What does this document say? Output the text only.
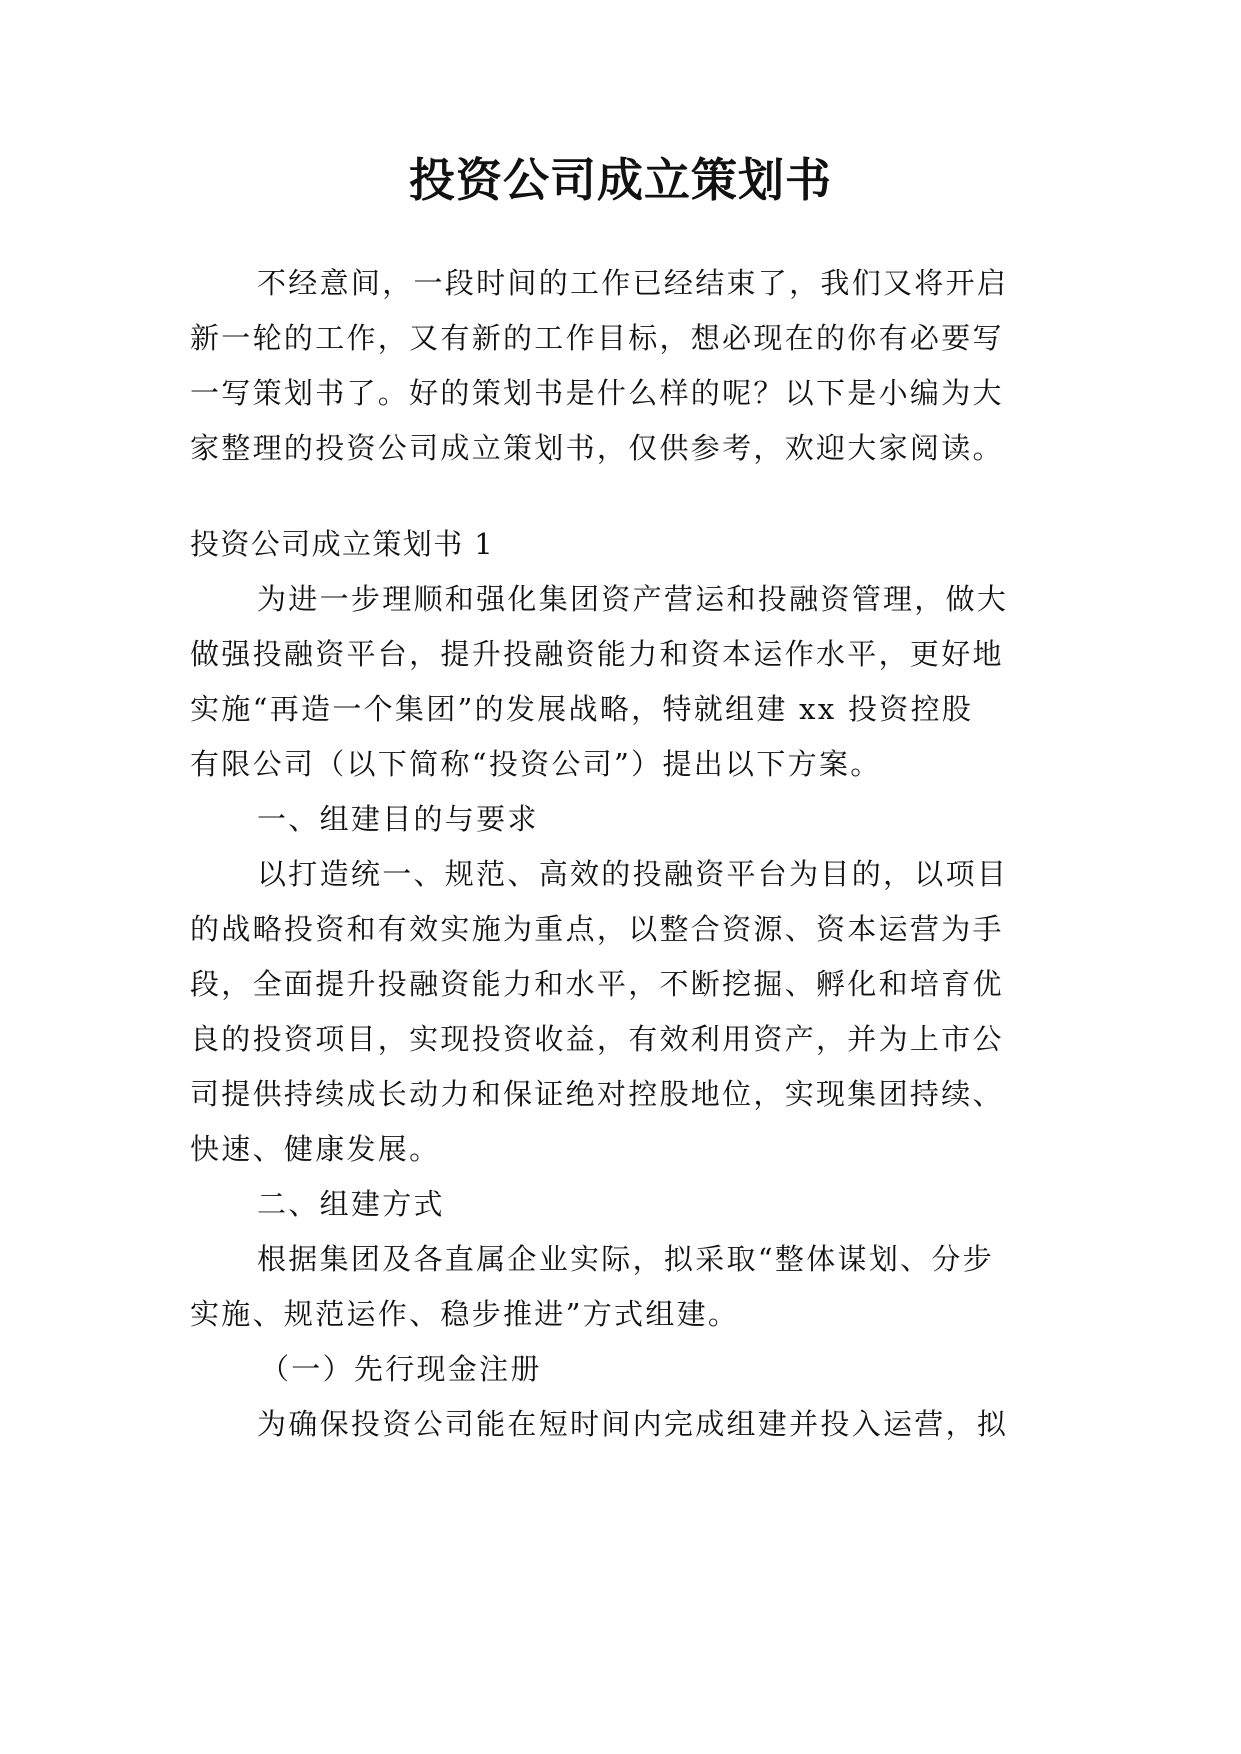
投资公司成立策划书
不经意间，一段时间的工作已经结束了，我们又将开启
新一轮的工作，又有新的工作目标，想必现在的你有必要写
一写策划书了。好的策划书是什么样的呢？以下是小编为大
家整理的投资公司成立策划书，仅供参考，欢迎大家阅读。
投资公司成立策划书 1
为进一步理顺和强化集团资产营运和投融资管理，做大
做强投融资平台，提升投融资能力和资本运作水平，更好地
实施“再造一个集团”的发展战略，特就组建 xx 投资控股
有限公司（以下简称“投资公司”）提出以下方案。
一、组建目的与要求
以打造统一、规范、高效的投融资平台为目的，以项目
的战略投资和有效实施为重点，以整合资源、资本运营为手
段，全面提升投融资能力和水平，不断挖掘、孵化和培育优
良的投资项目，实现投资收益，有效利用资产，并为上市公
司提供持续成长动力和保证绝对控股地位，实现集团持续、
快速、健康发展。
二、组建方式
根据集团及各直属企业实际，拟采取“整体谋划、分步
实施、规范运作、稳步推进”方式组建。
（一）先行现金注册
为确保投资公司能在短时间内完成组建并投入运营，拟
